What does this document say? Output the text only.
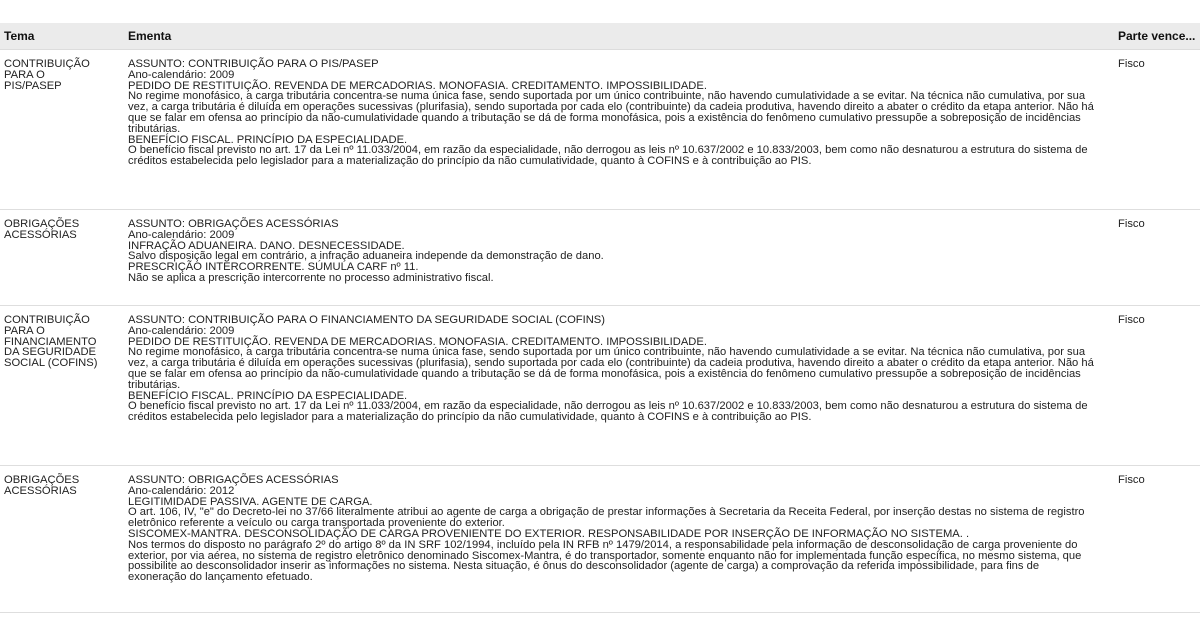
Tema	Ementa	Parte vence...
CONTRIBUIÇÃO
PARA O
PIS/PASEP
ASSUNTO: CONTRIBUIÇÃO PARA O PIS/PASEP
Ano-calendário: 2009
PEDIDO DE RESTITUIÇÃO. REVENDA DE MERCADORIAS. MONOFASIA. CREDITAMENTO. IMPOSSIBILIDADE.
No regime monofásico, a carga tributária concentra-se numa única fase, sendo suportada por um único contribuinte, não havendo cumulatividade a se evitar. Na técnica não cumulativa, por sua vez, a carga tributária é diluída em operações sucessivas (plurifasia), sendo suportada por cada elo (contribuinte) da cadeia produtiva, havendo direito a abater o crédito da etapa anterior. Não há que se falar em ofensa ao princípio da não-cumulatividade quando a tributação se dá de forma monofásica, pois a existência do fenômeno cumulativo pressupõe a sobreposição de incidências tributárias.
BENEFÍCIO FISCAL. PRINCÍPIO DA ESPECIALIDADE.
O benefício fiscal previsto no art. 17 da Lei nº 11.033/2004, em razão da especialidade, não derrogou as leis nº 10.637/2002 e 10.833/2003, bem como não desnaturou a estrutura do sistema de créditos estabelecida pelo legislador para a materialização do princípio da não cumulatividade, quanto à COFINS e à contribuição ao PIS.
Fisco
OBRIGAÇÕES
ACESSÓRIAS
ASSUNTO: OBRIGAÇÕES ACESSÓRIAS
Ano-calendário: 2009
INFRAÇÃO ADUANEIRA. DANO. DESNECESSIDADE.
Salvo disposição legal em contrário, a infração aduaneira independe da demonstração de dano.
PRESCRIÇÃO INTERCORRENTE. SÚMULA CARF nº 11.
Não se aplica a prescrição intercorrente no processo administrativo fiscal.
Fisco
CONTRIBUIÇÃO
PARA O
FINANCIAMENTO
DA SEGURIDADE
SOCIAL (COFINS)
ASSUNTO: CONTRIBUIÇÃO PARA O FINANCIAMENTO DA SEGURIDADE SOCIAL (COFINS)
Ano-calendário: 2009
PEDIDO DE RESTITUIÇÃO. REVENDA DE MERCADORIAS. MONOFASIA. CREDITAMENTO. IMPOSSIBILIDADE.
No regime monofásico, a carga tributária concentra-se numa única fase, sendo suportada por um único contribuinte, não havendo cumulatividade a se evitar. Na técnica não cumulativa, por sua vez, a carga tributária é diluída em operações sucessivas (plurifasia), sendo suportada por cada elo (contribuinte) da cadeia produtiva, havendo direito a abater o crédito da etapa anterior. Não há que se falar em ofensa ao princípio da não-cumulatividade quando a tributação se dá de forma monofásica, pois a existência do fenômeno cumulativo pressupõe a sobreposição de incidências tributárias.
BENEFÍCIO FISCAL. PRINCÍPIO DA ESPECIALIDADE.
O benefício fiscal previsto no art. 17 da Lei nº 11.033/2004, em razão da especialidade, não derrogou as leis nº 10.637/2002 e 10.833/2003, bem como não desnaturou a estrutura do sistema de créditos estabelecida pelo legislador para a materialização do princípio da não cumulatividade, quanto à COFINS e à contribuição ao PIS.
Fisco
OBRIGAÇÕES
ACESSÓRIAS
ASSUNTO: OBRIGAÇÕES ACESSÓRIAS
Ano-calendário: 2012
LEGITIMIDADE PASSIVA. AGENTE DE CARGA.
O art. 106, IV, "e" do Decreto-lei no 37/66 literalmente atribui ao agente de carga a obrigação de prestar informações à Secretaria da Receita Federal, por inserção destas no sistema de registro eletrônico referente a veículo ou carga transportada proveniente do exterior.
SISCOMEX-MANTRA. DESCONSOLIDAÇÃO DE CARGA PROVENIENTE DO EXTERIOR. RESPONSABILIDADE POR INSERÇÃO DE INFORMAÇÃO NO SISTEMA. .
Nos termos do disposto no parágrafo 2º do artigo 8º da IN SRF 102/1994, incluído pela IN RFB nº 1479/2014, a responsabilidade pela informação de desconsolidação de carga proveniente do exterior, por via aérea, no sistema de registro eletrônico denominado Siscomex-Mantra, é do transportador, somente enquanto não for implementada função específica, no mesmo sistema, que possibilite ao desconsolidador inserir as informações no sistema. Nesta situação, é ônus do desconsolidador (agente de carga) a comprovação da referida impossibilidade, para fins de exoneração do lançamento efetuado.
Fisco
